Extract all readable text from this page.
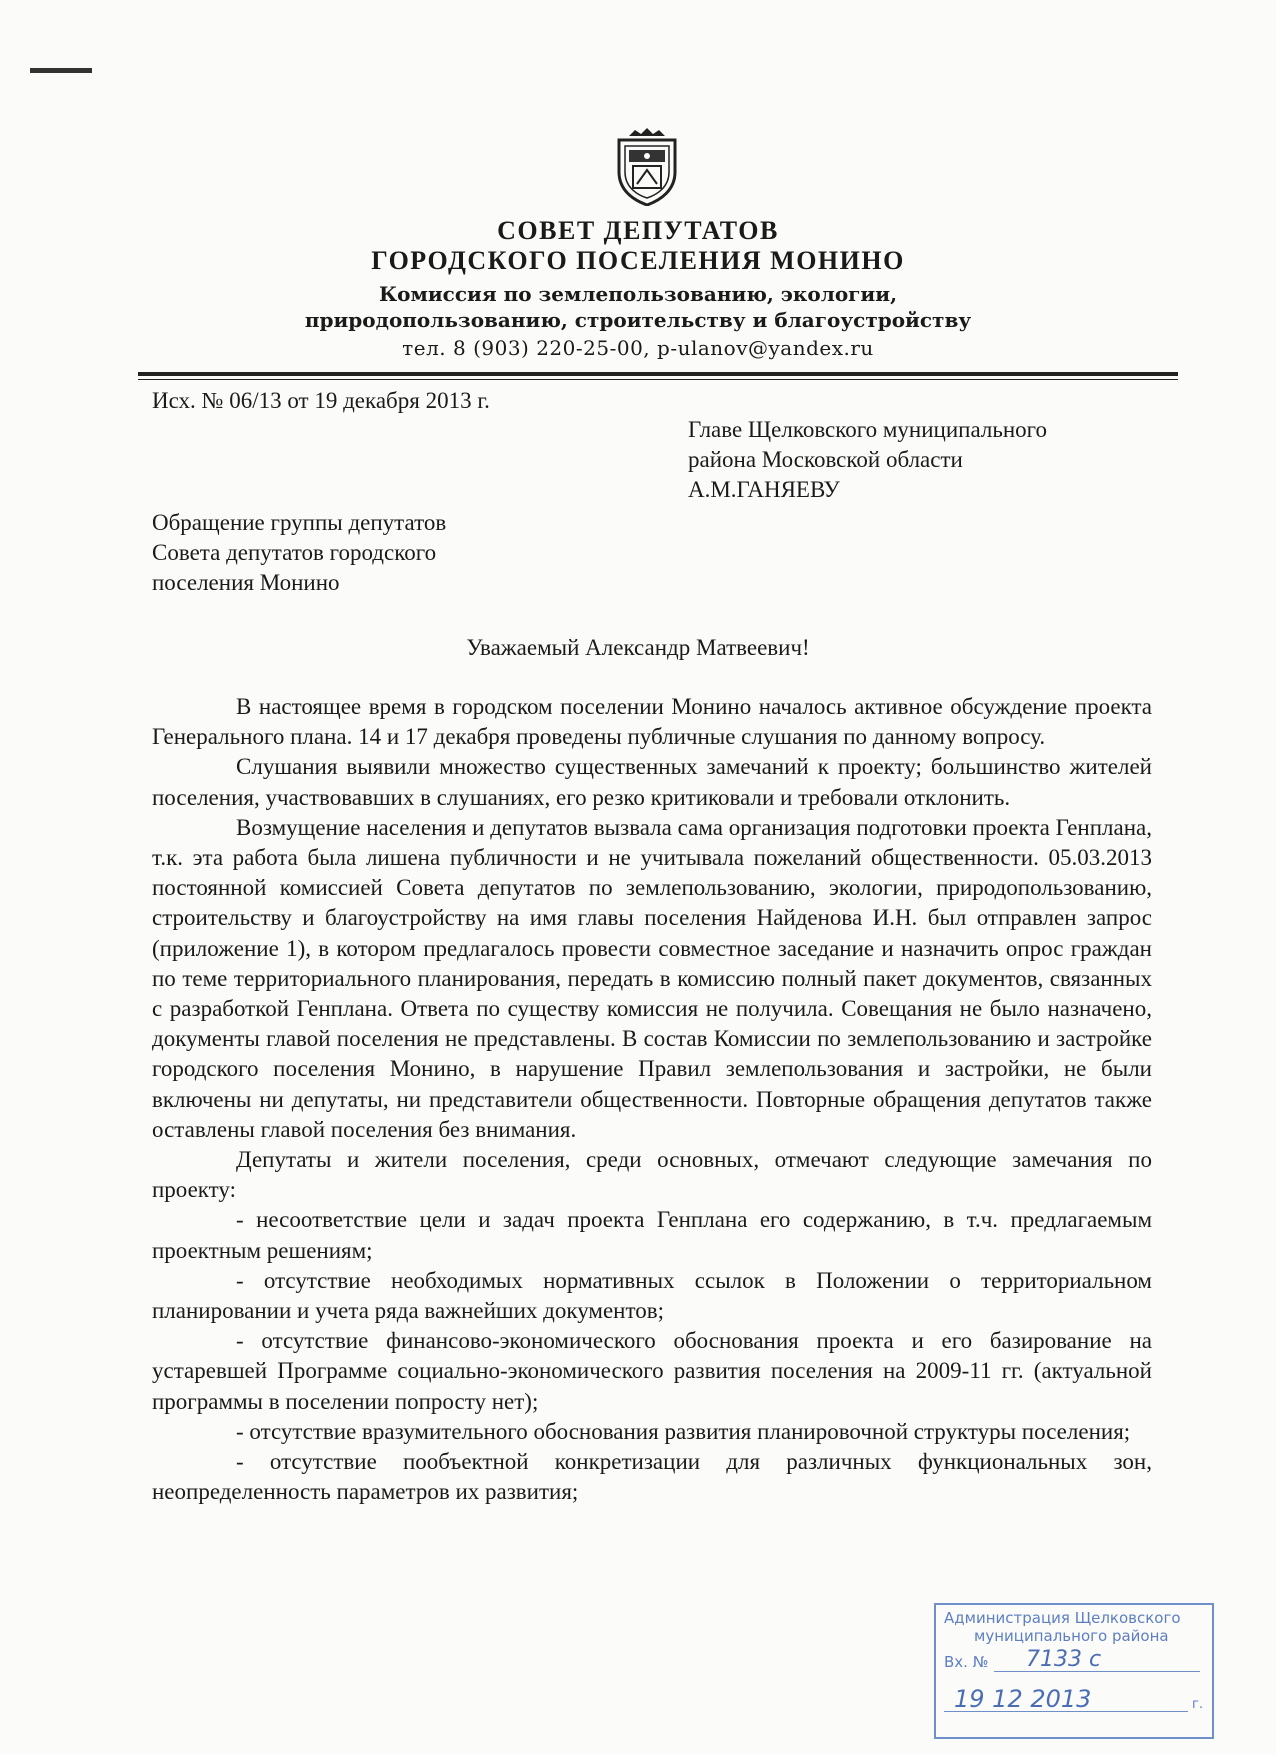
СОВЕТ ДЕПУТАТОВ
ГОРОДСКОГО ПОСЕЛЕНИЯ МОНИНО
Комиссия по землепользованию, экологии,
природопользованию, строительству и благоустройству
тел. 8 (903) 220-25-00, p-ulanov@yandex.ru
Исх. № 06/13 от 19 декабря 2013 г.
Главе Щелковского муниципального
района Московской области
А.М.ГАНЯЕВУ
Обращение группы депутатов
Совета депутатов городского
поселения Монино
Уважаемый Александр Матвеевич!

В настоящее время в городском поселении Монино началось активное обсуждение проекта Генерального плана. 14 и 17 декабря проведены публичные слушания по данному вопросу.

Слушания выявили множество существенных замечаний к проекту; большинство жителей поселения, участвовавших в слушаниях, его резко критиковали и требовали отклонить.

Возмущение населения и депутатов вызвала сама организация подготовки проекта Генплана, т.к. эта работа была лишена публичности и не учитывала пожеланий общественности. 05.03.2013 постоянной комиссией Совета депутатов по землепользованию, экологии, природопользованию, строительству и благоустройству на имя главы поселения Найденова И.Н. был отправлен запрос (приложение 1), в котором предлагалось провести совместное заседание и назначить опрос граждан по теме территориального планирования, передать в комиссию полный пакет документов, связанных с разработкой Генплана. Ответа по существу комиссия не получила. Совещания не было назначено, документы главой поселения не представлены. В состав Комиссии по землепользованию и застройке городского поселения Монино, в нарушение Правил землепользования и застройки, не были включены ни депутаты, ни представители общественности. Повторные обращения депутатов также оставлены главой поселения без внимания.

Депутаты и жители поселения, среди основных, отмечают следующие замечания по проекту:

- несоответствие цели и задач проекта Генплана его содержанию, в т.ч. предлагаемым проектным решениям;

- отсутствие необходимых нормативных ссылок в Положении о территориальном планировании и учета ряда важнейших документов;

- отсутствие финансово-экономического обоснования проекта и его базирование на устаревшей Программе социально-экономического развития поселения на 2009-11 гг. (актуальной программы в поселении попросту нет);

- отсутствие вразумительного обоснования развития планировочной структуры поселения;

- отсутствие пообъектной конкретизации для различных функциональных зон, неопределенность параметров их развития;

Администрация Щелковского
муниципального района
Вх. № 7133 с
19 12 2013	г.
